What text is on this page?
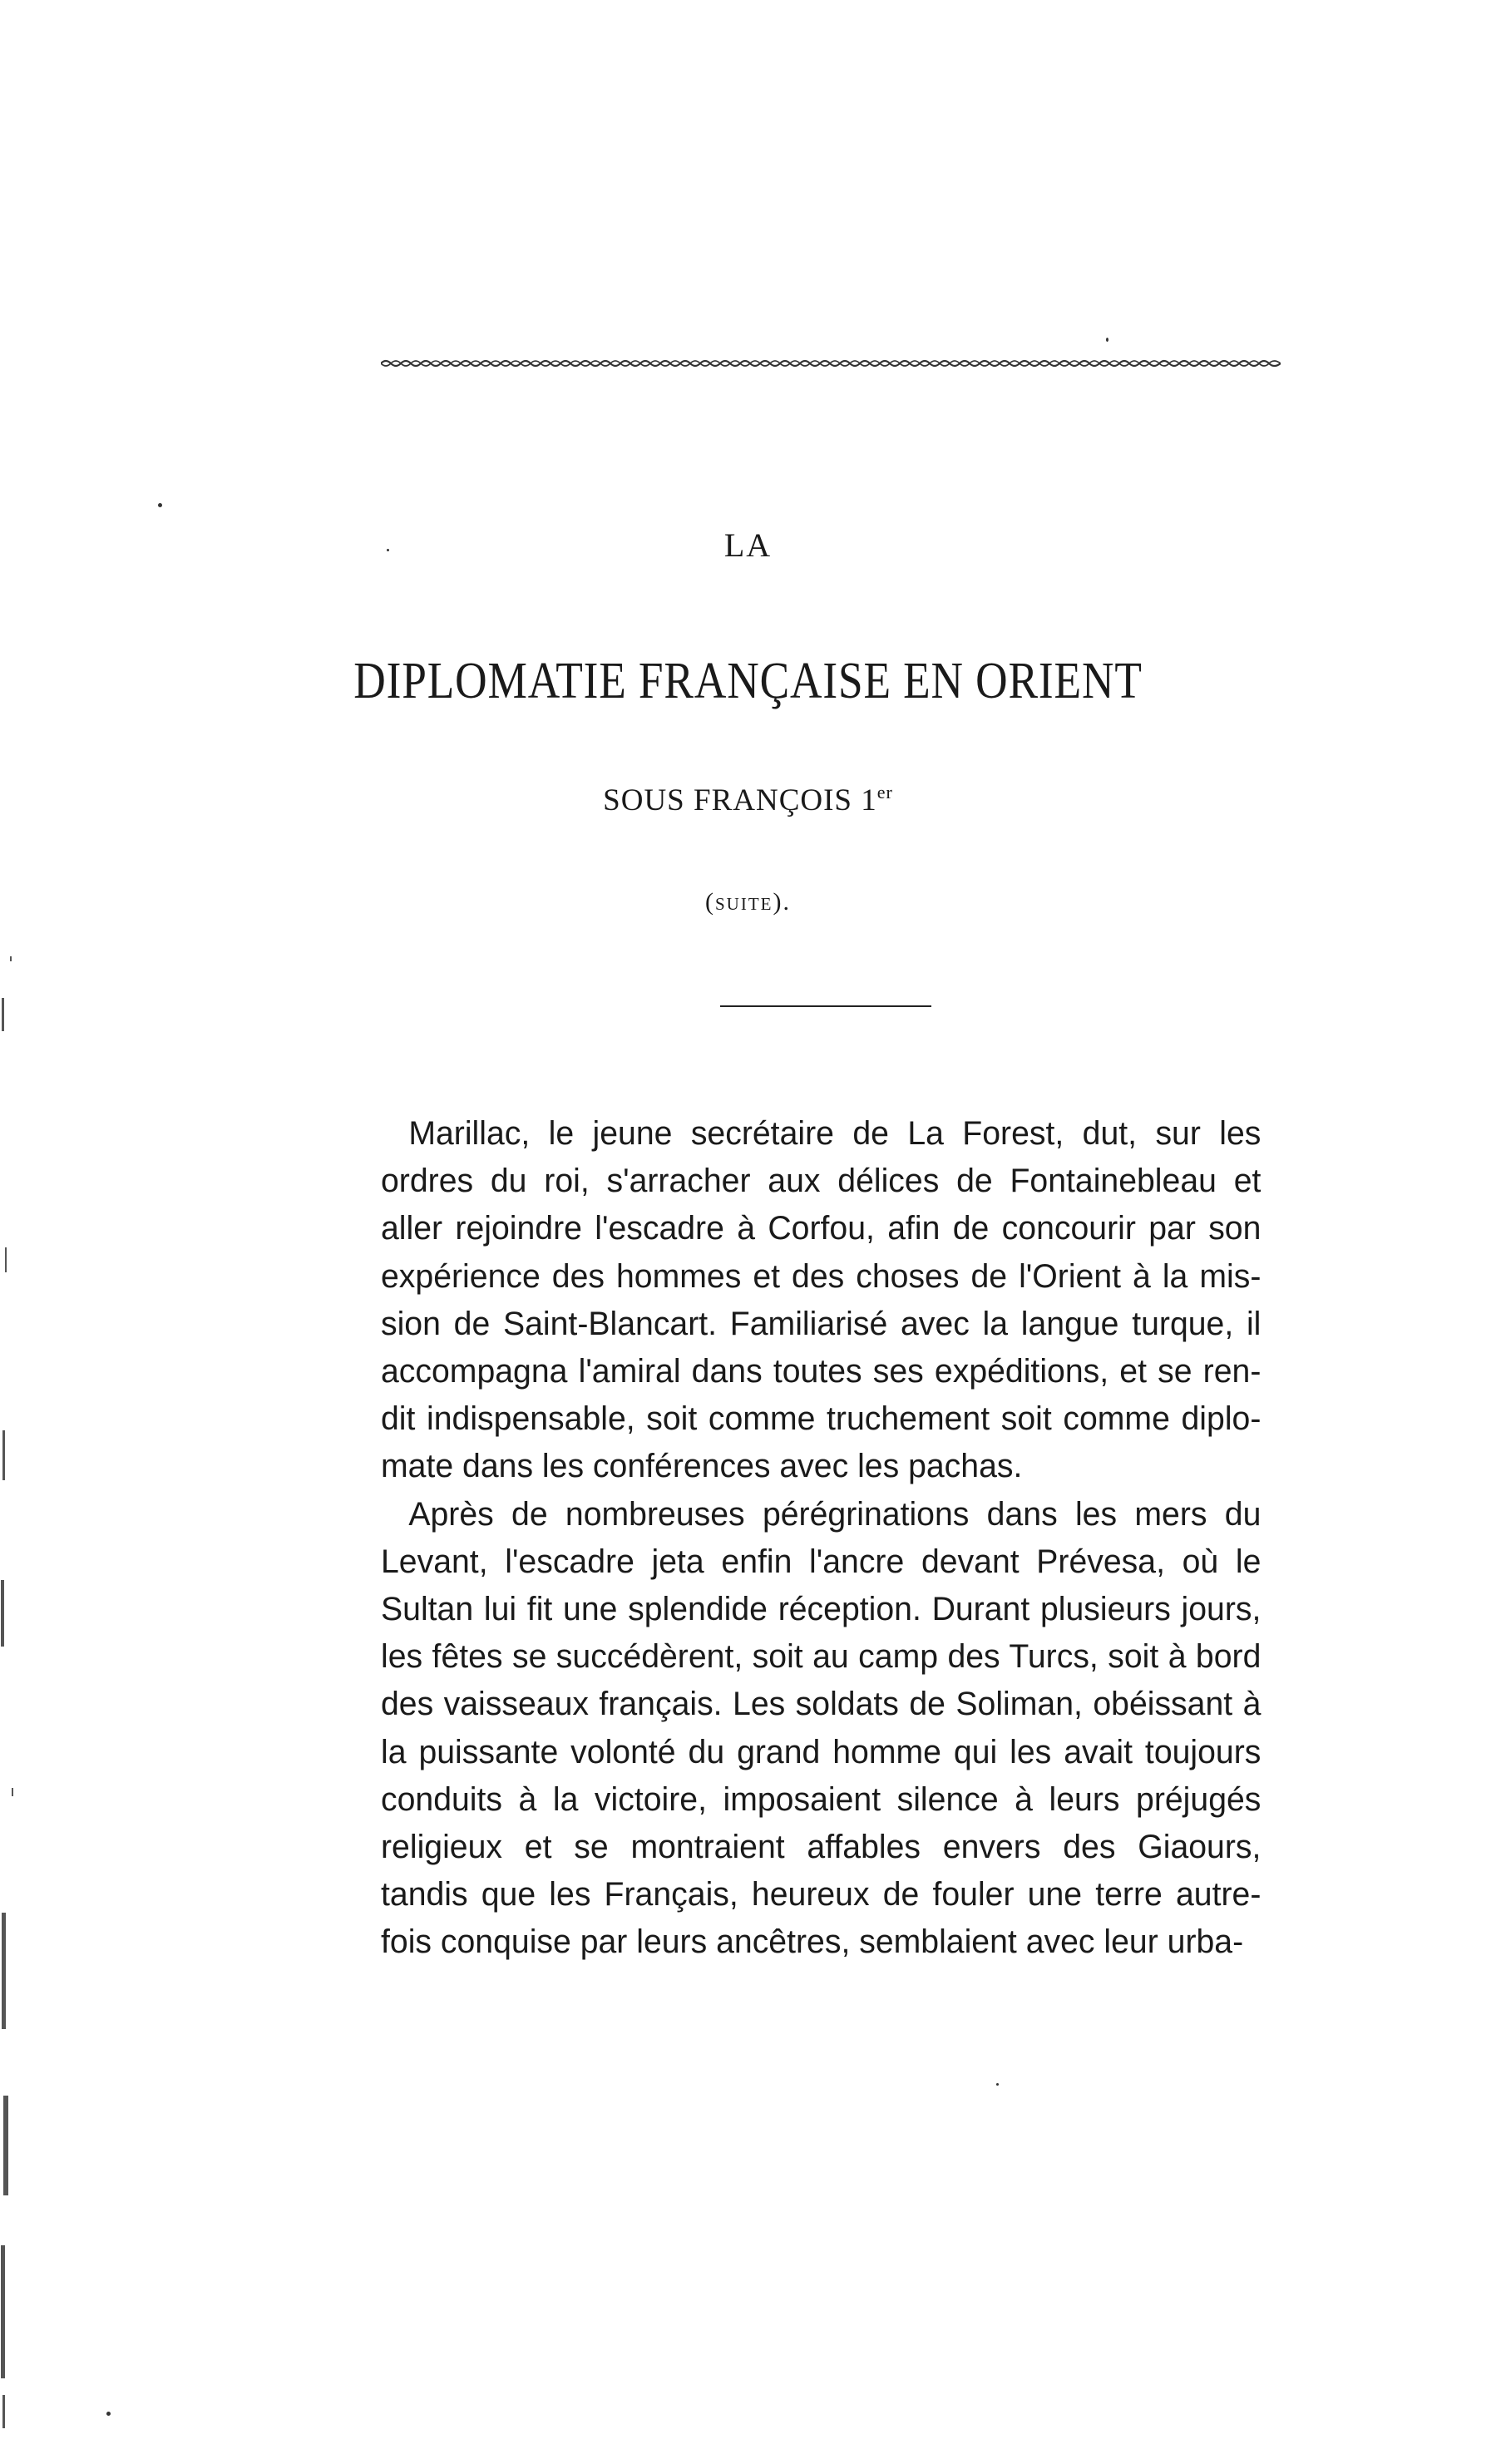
LA
DIPLOMATIE FRANÇAISE EN ORIENT
SOUS FRANÇOIS 1er
(suite).

Marillac, le jeune secrétaire de La Forest, dut, sur les ordres du roi, s'arracher aux délices de Fontainebleau et aller rejoindre l'escadre à Corfou, afin de concourir par son expérience des hommes et des choses de l'Orient à la mission de Saint-Blancart. Familiarisé avec la langue turque, il accompagna l'amiral dans toutes ses expéditions, et se rendit indispensable, soit comme truchement soit comme diplomate dans les conférences avec les pachas.

Après de nombreuses pérégrinations dans les mers du Levant, l'escadre jeta enfin l'ancre devant Prévesa, où le Sultan lui fit une splendide réception. Durant plusieurs jours, les fêtes se succédèrent, soit au camp des Turcs, soit à bord des vaisseaux français. Les soldats de Soliman, obéissant à la puissante volonté du grand homme qui les avait toujours conduits à la victoire, imposaient silence à leurs préjugés religieux et se montraient affables envers des Giaours, tandis que les Français, heureux de fouler une terre autrefois conquise par leurs ancêtres, semblaient avec leur urba-
